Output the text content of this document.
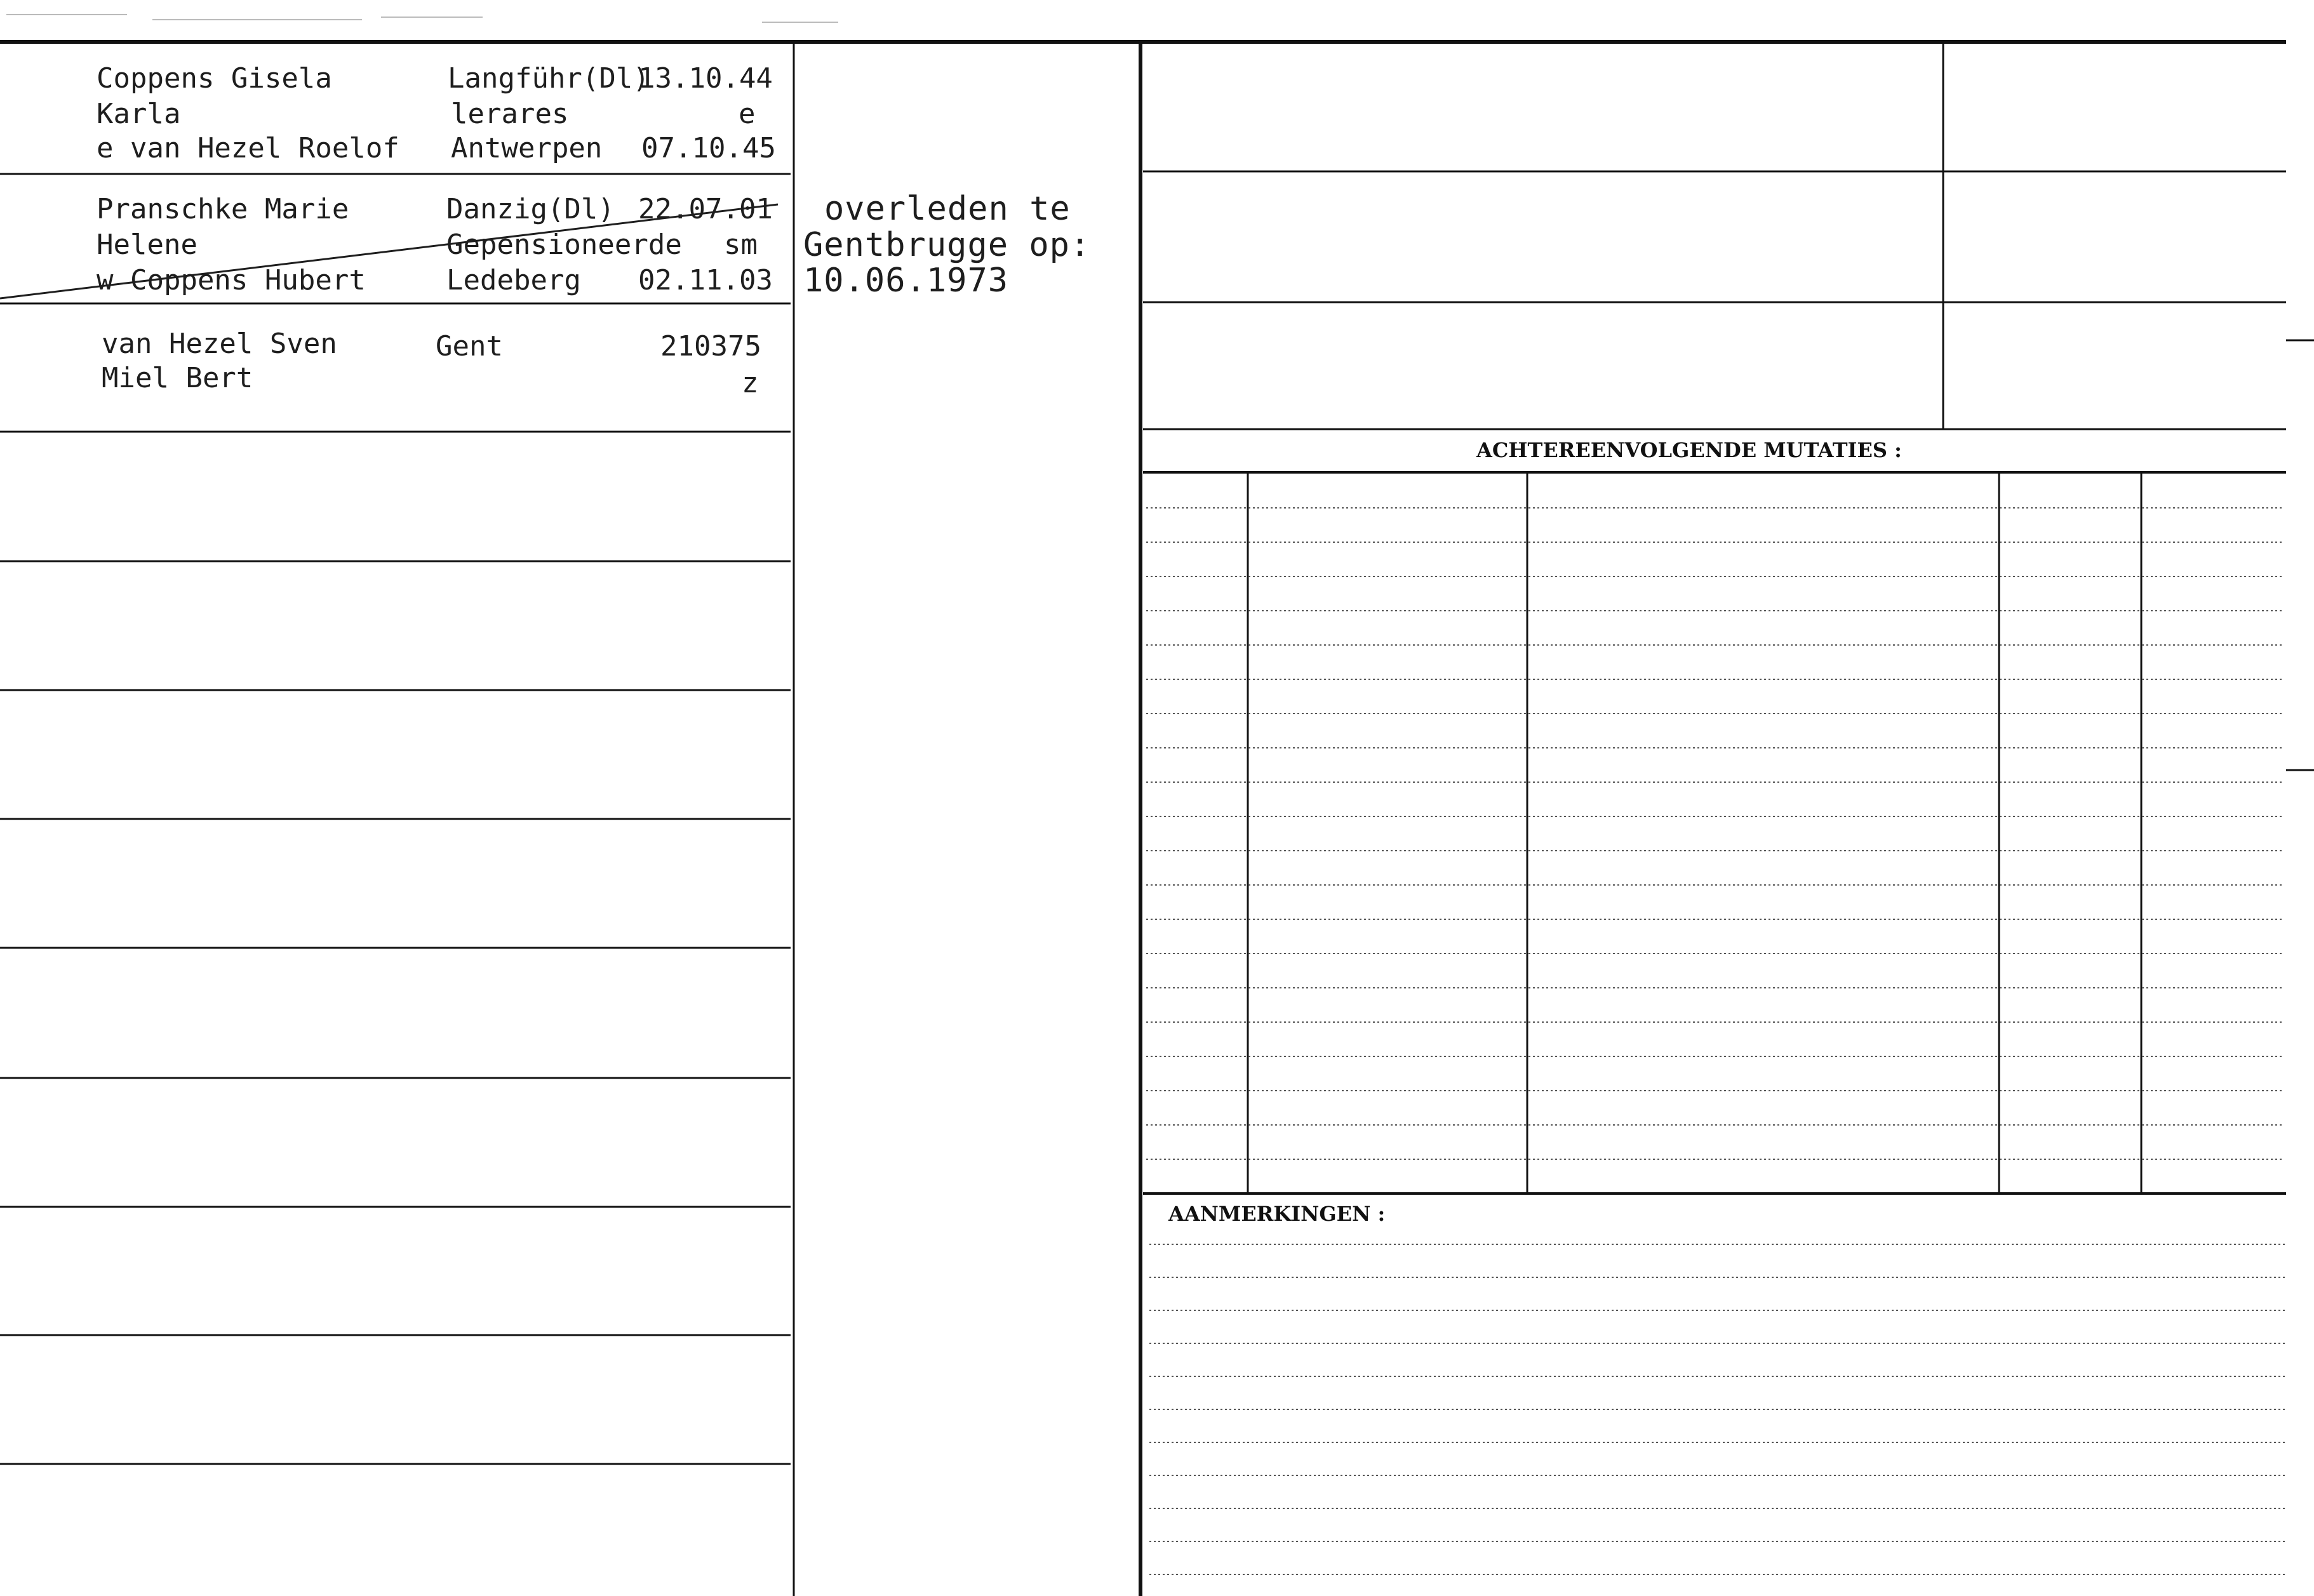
Coppens Gisela
Karla
e van Hezel Roelof
Langführ(Dl)
13.10.44
lerares	e
Antwerpen 07.10.45
Pranschke Marie
Helene
w Coppens Hubert
Danzig(Dl) 22.07.01
Gepensioneerde sm
Ledeberg 02.11.03
overleden te
Gentbrugge op:
10.06.1973
van Hezel Sven
Miel Bert
Gent	210375
z
ACHTEREENVOLGENDE MUTATIES :
AANMERKINGEN :
